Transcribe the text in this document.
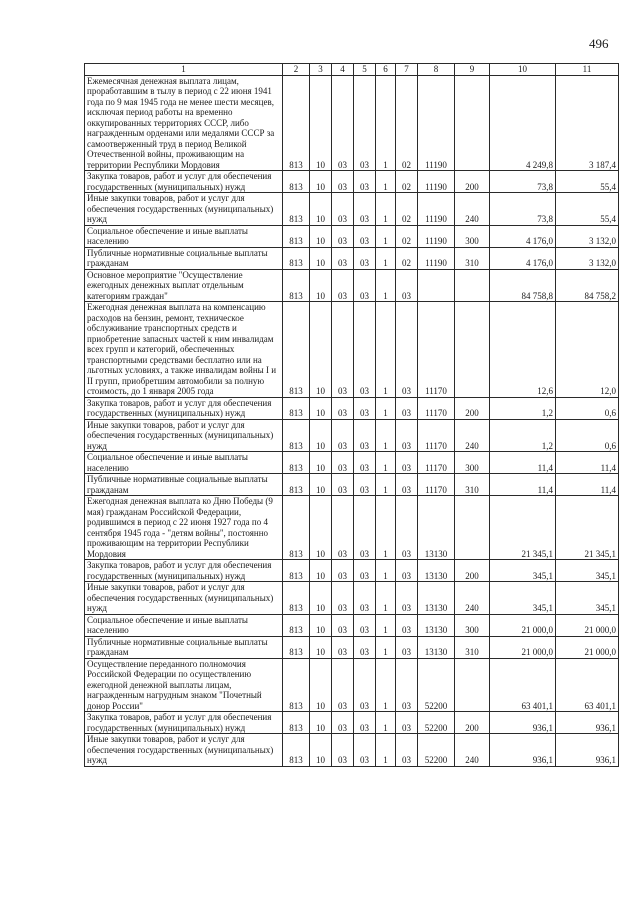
496
1	2	3	4	5	6	7	8	9	10	11
Ежемесячная денежная выплата лицам, проработавшим в тылу в период с 22 июня 1941 года по 9 мая 1945 года не менее шести месяцев, исключая период работы на временно оккупированных территориях СССР, либо награжденным орденами или медалями СССР за самоотверженный труд в период Великой Отечественной войны, проживающим на территории Республики Мордовия	813	10	03	03	1	02	11190		4 249,8	3 187,4
Закупка товаров, работ и услуг для обеспечения государственных (муниципальных) нужд	813	10	03	03	1	02	11190	200	73,8	55,4
Иные закупки товаров, работ и услуг для обеспечения государственных (муниципальных) нужд	813	10	03	03	1	02	11190	240	73,8	55,4
Социальное обеспечение и иные выплаты населению	813	10	03	03	1	02	11190	300	4 176,0	3 132,0
Публичные нормативные социальные выплаты гражданам	813	10	03	03	1	02	11190	310	4 176,0	3 132,0
Основное мероприятие "Осуществление ежегодных денежных выплат отдельным категориям граждан"	813	10	03	03	1	03			84 758,8	84 758,2
Ежегодная денежная выплата на компенсацию расходов на бензин, ремонт, техническое обслуживание транспортных средств и приобретение запасных частей к ним инвалидам всех групп и категорий, обеспеченных транспортными средствами бесплатно или на льготных условиях, а также инвалидам войны I и II групп, приобретшим автомобили за полную стоимость, до 1 января 2005 года	813	10	03	03	1	03	11170		12,6	12,0
Закупка товаров, работ и услуг для обеспечения государственных (муниципальных) нужд	813	10	03	03	1	03	11170	200	1,2	0,6
Иные закупки товаров, работ и услуг для обеспечения государственных (муниципальных) нужд	813	10	03	03	1	03	11170	240	1,2	0,6
Социальное обеспечение и иные выплаты населению	813	10	03	03	1	03	11170	300	11,4	11,4
Публичные нормативные социальные выплаты гражданам	813	10	03	03	1	03	11170	310	11,4	11,4
Ежегодная денежная выплата ко Дню Победы (9 мая) гражданам Российской Федерации, родившимся в период с 22 июня 1927 года по 4 сентября 1945 года - "детям войны", постоянно проживающим на территории Республики Мордовия	813	10	03	03	1	03	13130		21 345,1	21 345,1
Закупка товаров, работ и услуг для обеспечения государственных (муниципальных) нужд	813	10	03	03	1	03	13130	200	345,1	345,1
Иные закупки товаров, работ и услуг для обеспечения государственных (муниципальных) нужд	813	10	03	03	1	03	13130	240	345,1	345,1
Социальное обеспечение и иные выплаты населению	813	10	03	03	1	03	13130	300	21 000,0	21 000,0
Публичные нормативные социальные выплаты гражданам	813	10	03	03	1	03	13130	310	21 000,0	21 000,0
Осуществление переданного полномочия Российской Федерации по осуществлению ежегодной денежной выплаты лицам, награжденным нагрудным знаком "Почетный донор России"	813	10	03	03	1	03	52200		63 401,1	63 401,1
Закупка товаров, работ и услуг для обеспечения государственных (муниципальных) нужд	813	10	03	03	1	03	52200	200	936,1	936,1
Иные закупки товаров, работ и услуг для обеспечения государственных (муниципальных) нужд	813	10	03	03	1	03	52200	240	936,1	936,1
